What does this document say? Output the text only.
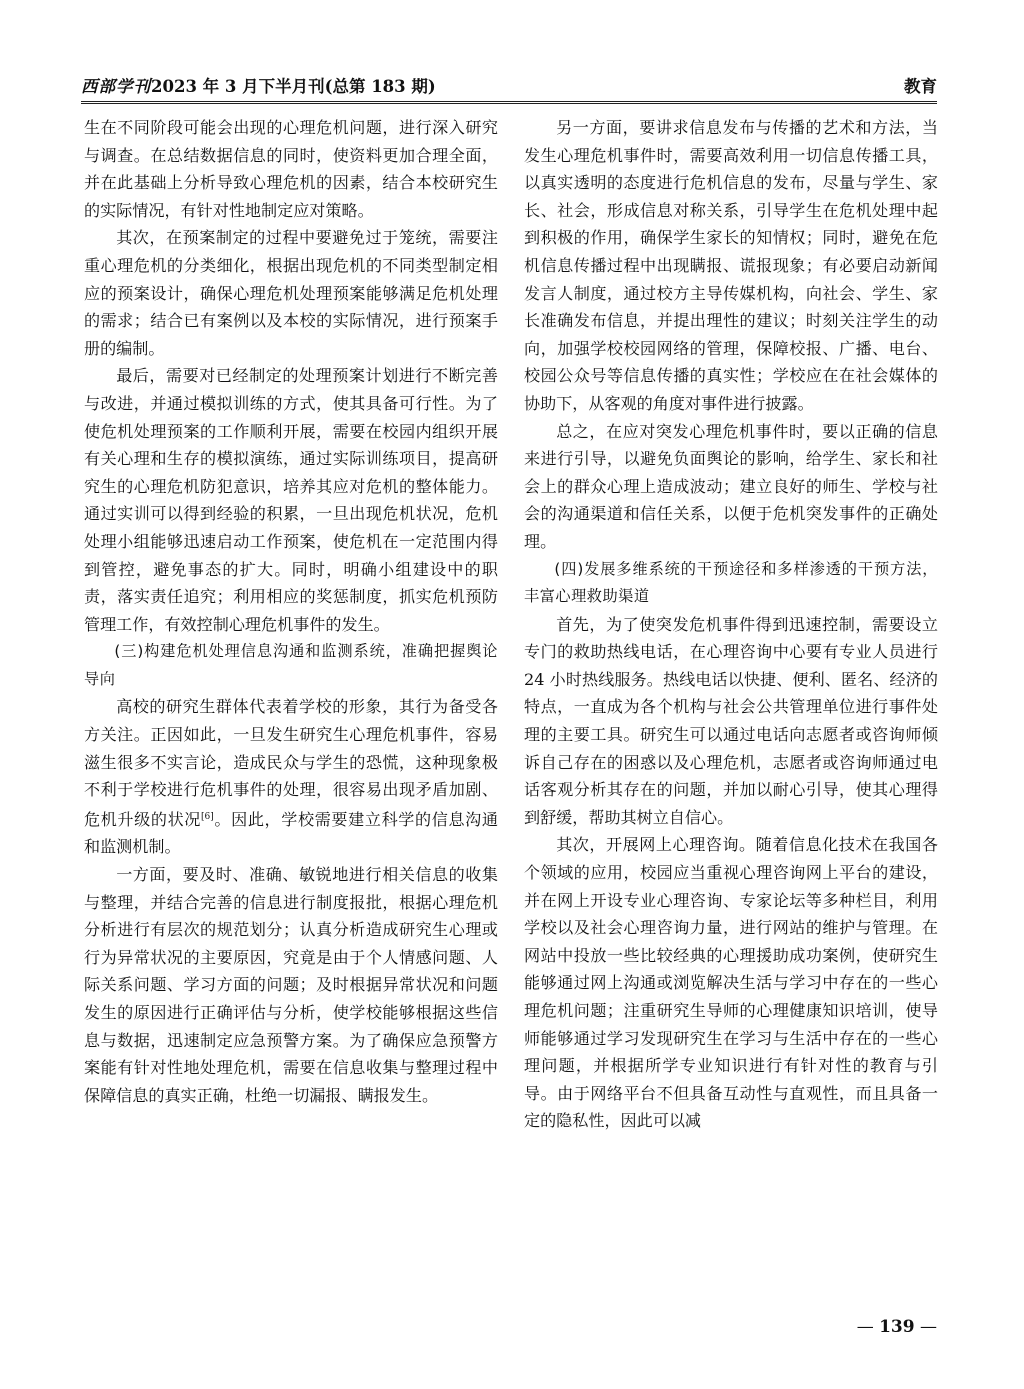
西部学刊2023 年 3 月下半月刊(总第 183 期)	教育

生在不同阶段可能会出现的心理危机问题，进行深入研究与调查。在总结数据信息的同时，使资料更加合理全面，并在此基础上分析导致心理危机的因素，结合本校研究生的实际情况，有针对性地制定应对策略。

其次，在预案制定的过程中要避免过于笼统，需要注重心理危机的分类细化，根据出现危机的不同类型制定相应的预案设计，确保心理危机处理预案能够满足危机处理的需求；结合已有案例以及本校的实际情况，进行预案手册的编制。

最后，需要对已经制定的处理预案计划进行不断完善与改进，并通过模拟训练的方式，使其具备可行性。为了使危机处理预案的工作顺利开展，需要在校园内组织开展有关心理和生存的模拟演练，通过实际训练项目，提高研究生的心理危机防犯意识，培养其应对危机的整体能力。通过实训可以得到经验的积累，一旦出现危机状况，危机处理小组能够迅速启动工作预案，使危机在一定范围内得到管控，避免事态的扩大。同时，明确小组建设中的职责，落实责任追究；利用相应的奖惩制度，抓实危机预防管理工作，有效控制心理危机事件的发生。

(三)构建危机处理信息沟通和监测系统，准确把握舆论导向

高校的研究生群体代表着学校的形象，其行为备受各方关注。正因如此，一旦发生研究生心理危机事件，容易滋生很多不实言论，造成民众与学生的恐慌，这种现象极不利于学校进行危机事件的处理，很容易出现矛盾加剧、危机升级的状况[6]。因此，学校需要建立科学的信息沟通和监测机制。

一方面，要及时、准确、敏锐地进行相关信息的收集与整理，并结合完善的信息进行制度报批，根据心理危机分析进行有层次的规范划分；认真分析造成研究生心理或行为异常状况的主要原因，究竟是由于个人情感问题、人际关系问题、学习方面的问题；及时根据异常状况和问题发生的原因进行正确评估与分析，使学校能够根据这些信息与数据，迅速制定应急预警方案。为了确保应急预警方案能有针对性地处理危机，需要在信息收集与整理过程中保障信息的真实正确，杜绝一切漏报、瞒报发生。

另一方面，要讲求信息发布与传播的艺术和方法，当发生心理危机事件时，需要高效利用一切信息传播工具，以真实透明的态度进行危机信息的发布，尽量与学生、家长、社会，形成信息对称关系，引导学生在危机处理中起到积极的作用，确保学生家长的知情权；同时，避免在危机信息传播过程中出现瞒报、谎报现象；有必要启动新闻发言人制度，通过校方主导传媒机构，向社会、学生、家长准确发布信息，并提出理性的建议；时刻关注学生的动向，加强学校校园网络的管理，保障校报、广播、电台、校园公众号等信息传播的真实性；学校应在在社会媒体的协助下，从客观的角度对事件进行披露。

总之，在应对突发心理危机事件时，要以正确的信息来进行引导，以避免负面舆论的影响，给学生、家长和社会上的群众心理上造成波动；建立良好的师生、学校与社会的沟通渠道和信任关系，以便于危机突发事件的正确处理。

(四)发展多维系统的干预途径和多样渗透的干预方法，丰富心理救助渠道

首先，为了使突发危机事件得到迅速控制，需要设立专门的救助热线电话，在心理咨询中心要有专业人员进行 24 小时热线服务。热线电话以快捷、便利、匿名、经济的特点，一直成为各个机构与社会公共管理单位进行事件处理的主要工具。研究生可以通过电话向志愿者或咨询师倾诉自己存在的困惑以及心理危机，志愿者或咨询师通过电话客观分析其存在的问题，并加以耐心引导，使其心理得到舒缓，帮助其树立自信心。

其次，开展网上心理咨询。随着信息化技术在我国各个领域的应用，校园应当重视心理咨询网上平台的建设，并在网上开设专业心理咨询、专家论坛等多种栏目，利用学校以及社会心理咨询力量，进行网站的维护与管理。在网站中投放一些比较经典的心理援助成功案例，使研究生能够通过网上沟通或浏览解决生活与学习中存在的一些心理危机问题；注重研究生导师的心理健康知识培训，使导师能够通过学习发现研究生在学习与生活中存在的一些心理问题，并根据所学专业知识进行有针对性的教育与引导。由于网络平台不但具备互动性与直观性，而且具备一定的隐私性，因此可以减

— 139 —
